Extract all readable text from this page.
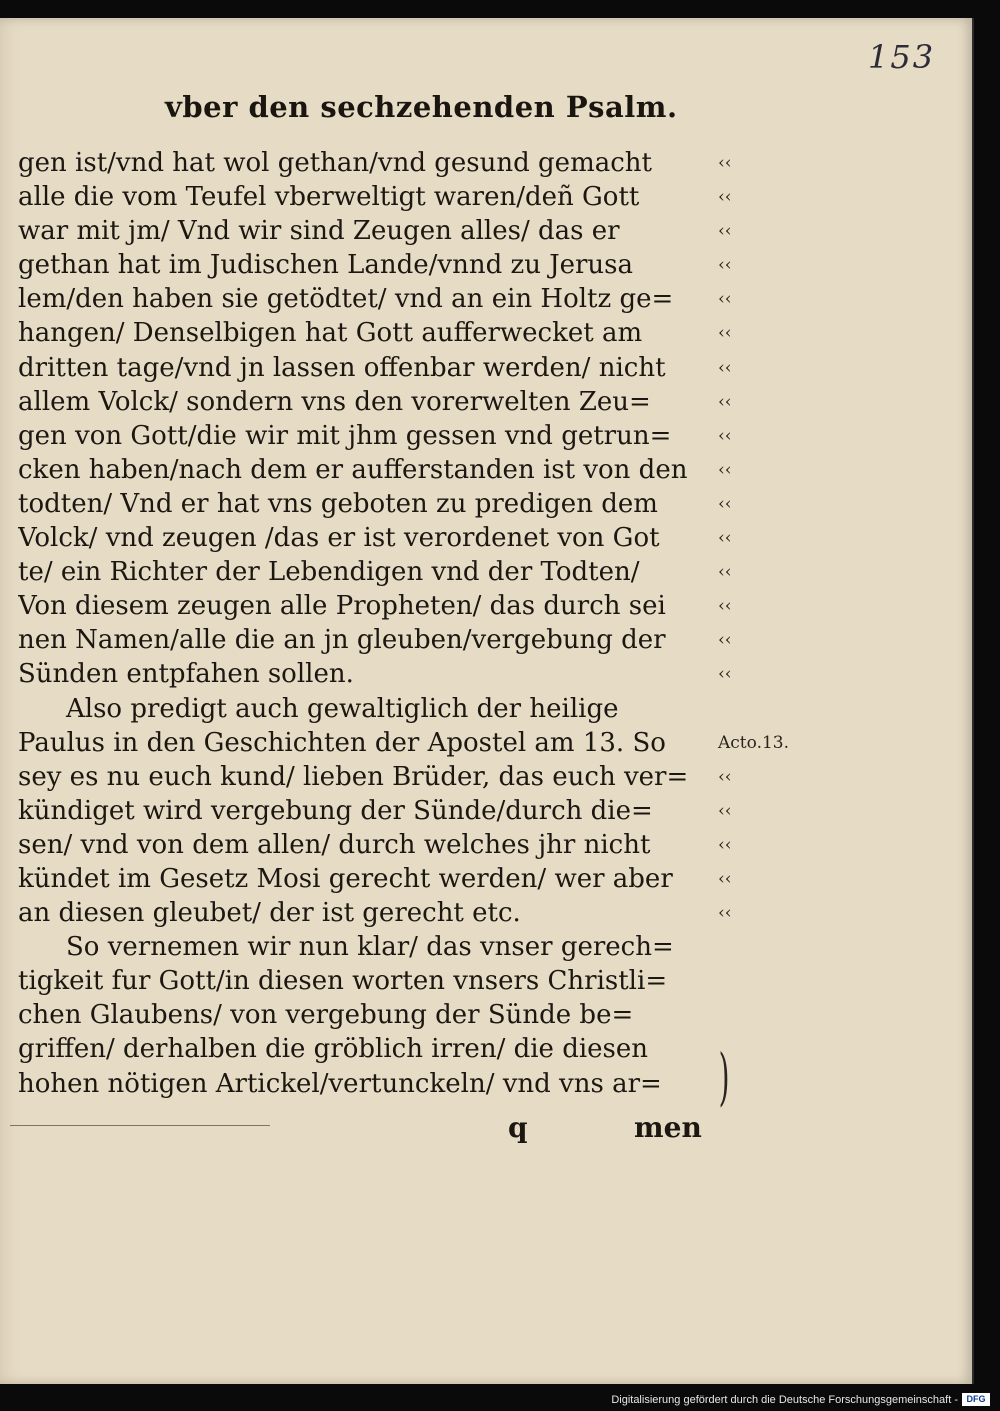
153
vber den sechzehenden Psalm.
gen ist/vnd hat wol gethan/vnd gesund gemacht
alle die vom Teufel vberweltigt waren/deñ Gott
war mit jm/ Vnd wir sind Zeugen alles/ das er
gethan hat im Judischen Lande/vnnd zu Jerusa
lem/den haben sie getödtet/ vnd an ein Holtz ge=
hangen/ Denselbigen hat Gott aufferwecket am
dritten tage/vnd jn lassen offenbar werden/ nicht
allem Volck/ sondern vns den vorerwelten Zeu=
gen von Gott/die wir mit jhm gessen vnd getrun=
cken haben/nach dem er aufferstanden ist von den
todten/ Vnd er hat vns geboten zu predigen dem
Volck/ vnd zeugen /das er ist verordenet von Got
te/ ein Richter der Lebendigen vnd der Todten/
Von diesem zeugen alle Propheten/ das durch sei
nen Namen/alle die an jn gleuben/vergebung der
Sünden entpfahen sollen.
Also predigt auch gewaltiglich der heilige
Paulus in den Geschichten der Apostel am 13. So
sey es nu euch kund/ lieben Brüder, das euch ver=
kündiget wird vergebung der Sünde/durch die=
sen/ vnd von dem allen/ durch welches jhr nicht
kündet im Gesetz Mosi gerecht werden/ wer aber
an diesen gleubet/ der ist gerecht etc.
So vernemen wir nun klar/ das vnser gerech=
tigkeit fur Gott/in diesen worten vnsers Christli=
chen Glaubens/ von vergebung der Sünde be=
griffen/ derhalben die gröblich irren/ die diesen
hohen nötigen Artickel/vertunckeln/ vnd vns ar=
‹‹
‹‹
‹‹
‹‹
‹‹
‹‹
‹‹
‹‹
‹‹
‹‹
‹‹
‹‹
‹‹
‹‹
‹‹
‹‹
Acto.13.
‹‹
‹‹
‹‹
‹‹
‹‹
)
q	men
Digitalisierung gefördert durch die Deutsche Forschungsgemeinschaft - DFG
